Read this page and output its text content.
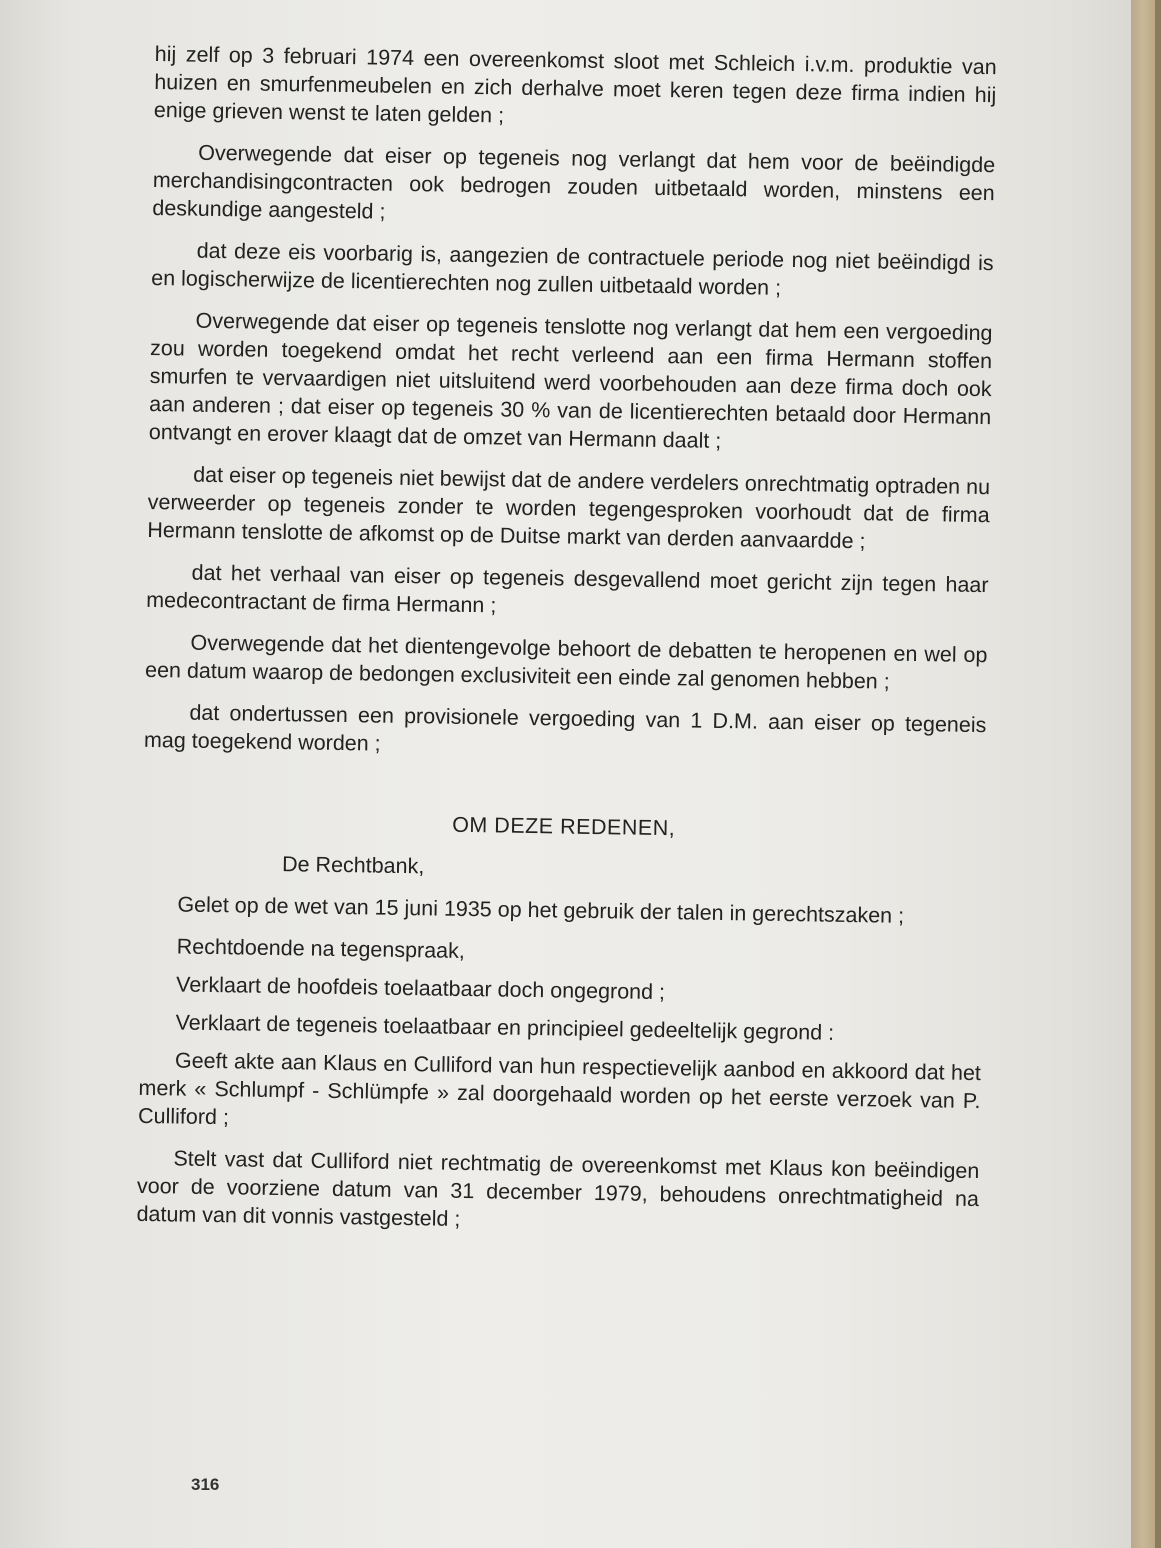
hij zelf op 3 februari 1974 een overeenkomst sloot met Schleich i.v.m. produktie van huizen en smurfenmeubelen en zich derhalve moet keren tegen deze firma indien hij enige grieven wenst te laten gelden ;

Overwegende dat eiser op tegeneis nog verlangt dat hem voor de beëindigde merchandisingcontracten ook bedrogen zouden uitbetaald worden, minstens een deskundige aangesteld ;

dat deze eis voorbarig is, aangezien de contractuele periode nog niet beëindigd is en logischerwijze de licentierechten nog zullen uitbetaald worden ;

Overwegende dat eiser op tegeneis tenslotte nog verlangt dat hem een vergoeding zou worden toegekend omdat het recht verleend aan een firma Hermann stoffen smurfen te vervaardigen niet uitsluitend werd voorbehouden aan deze firma doch ook aan anderen ; dat eiser op tegeneis 30 % van de licentierechten betaald door Hermann ontvangt en erover klaagt dat de omzet van Hermann daalt ;

dat eiser op tegeneis niet bewijst dat de andere verdelers onrechtmatig optraden nu verweerder op tegeneis zonder te worden tegengesproken voorhoudt dat de firma Hermann tenslotte de afkomst op de Duitse markt van derden aanvaardde ;

dat het verhaal van eiser op tegeneis desgevallend moet gericht zijn tegen haar medecontractant de firma Hermann ;

Overwegende dat het dientengevolge behoort de debatten te heropenen en wel op een datum waarop de bedongen exclusiviteit een einde zal genomen hebben ;

dat ondertussen een provisionele vergoeding van 1 D.M. aan eiser op tegeneis mag toegekend worden ;

OM DEZE REDENEN,

De Rechtbank,

Gelet op de wet van 15 juni 1935 op het gebruik der talen in gerechtszaken ;

Rechtdoende na tegenspraak,

Verklaart de hoofdeis toelaatbaar doch ongegrond ;

Verklaart de tegeneis toelaatbaar en principieel gedeeltelijk gegrond :

Geeft akte aan Klaus en Culliford van hun respectievelijk aanbod en akkoord dat het merk « Schlumpf - Schlümpfe » zal doorgehaald worden op het eerste verzoek van P. Culliford ;

Stelt vast dat Culliford niet rechtmatig de overeenkomst met Klaus kon beëindigen voor de voorziene datum van 31 december 1979, behoudens onrechtmatigheid na datum van dit vonnis vastgesteld ;

316
